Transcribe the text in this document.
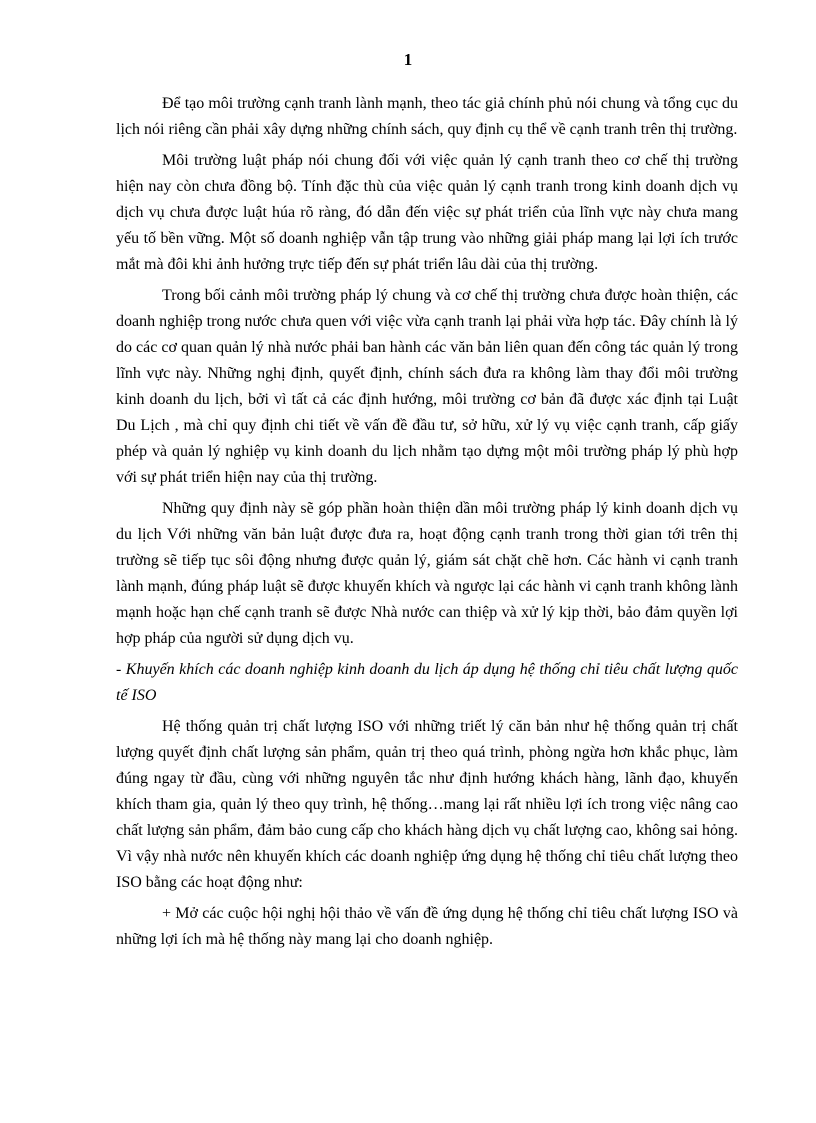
1

Để tạo môi trường cạnh tranh lành mạnh, theo tác giả chính phủ nói chung và tổng cục du lịch nói riêng cần phải xây dựng những chính sách, quy định cụ thể về cạnh tranh trên thị trường.

Môi trường luật pháp nói chung đối với việc quản lý cạnh tranh theo cơ chế thị trường hiện nay còn chưa đồng bộ. Tính đặc thù của việc quản lý cạnh tranh trong kinh doanh dịch vụ dịch vụ chưa được luật húa rõ ràng, đó dẫn đến việc sự phát triển của lĩnh vực này chưa mang yếu tố bền vững. Một số doanh nghiệp vẫn tập trung vào những giải pháp mang lại lợi ích trước mắt mà đôi khi ảnh hưởng trực tiếp đến sự phát triển lâu dài của thị trường.

Trong bối cảnh môi trường pháp lý chung và cơ chế thị trường chưa được hoàn thiện, các doanh nghiệp trong nước chưa quen với việc vừa cạnh tranh lại phải vừa hợp tác. Đây chính là lý do các cơ quan quản lý nhà nước phải ban hành các văn bản liên quan đến công tác quản lý trong lĩnh vực này. Những nghị định, quyết định, chính sách đưa ra không làm thay đổi môi trường kinh doanh du lịch, bởi vì tất cả các định hướng, môi trường cơ bản đã được xác định tại Luật Du Lịch , mà chỉ quy định chi tiết về vấn đề đầu tư, sở hữu, xử lý vụ việc cạnh tranh, cấp giấy phép và quản lý nghiệp vụ kinh doanh du lịch nhằm tạo dựng một môi trường pháp lý phù hợp với sự phát triển hiện nay của thị trường.

Những quy định này sẽ góp phần hoàn thiện dần môi trường pháp lý kinh doanh dịch vụ du lịch Với những văn bản luật được đưa ra, hoạt động cạnh tranh trong thời gian tới trên thị trường sẽ tiếp tục sôi động nhưng được quản lý, giám sát chặt chẽ hơn. Các hành vi cạnh tranh lành mạnh, đúng pháp luật sẽ được khuyến khích và ngược lại các hành vi cạnh tranh không lành mạnh hoặc hạn chế cạnh tranh sẽ được Nhà nước can thiệp và xử lý kịp thời, bảo đảm quyền lợi hợp pháp của người sử dụng dịch vụ.

- Khuyến khích các doanh nghiệp kinh doanh du lịch áp dụng hệ thống chỉ tiêu chất lượng quốc tế ISO

Hệ thống quản trị chất lượng ISO với những triết lý căn bản như hệ thống quản trị chất lượng quyết định chất lượng sản phẩm, quản trị theo quá trình, phòng ngừa hơn khắc phục, làm đúng ngay từ đầu, cùng với những nguyên tắc như định hướng khách hàng, lãnh đạo, khuyến khích tham gia, quản lý theo quy trình, hệ thống…mang lại rất nhiều lợi ích trong việc nâng cao chất lượng sản phẩm, đảm bảo cung cấp cho khách hàng dịch vụ chất lượng cao, không sai hỏng. Vì vậy nhà nước nên khuyến khích các doanh nghiệp ứng dụng hệ thống chỉ tiêu chất lượng theo ISO bằng các hoạt động như:

+ Mở các cuộc hội nghị hội thảo về vấn đề ứng dụng hệ thống chỉ tiêu chất lượng ISO và những lợi ích mà hệ thống này mang lại cho doanh nghiệp.
